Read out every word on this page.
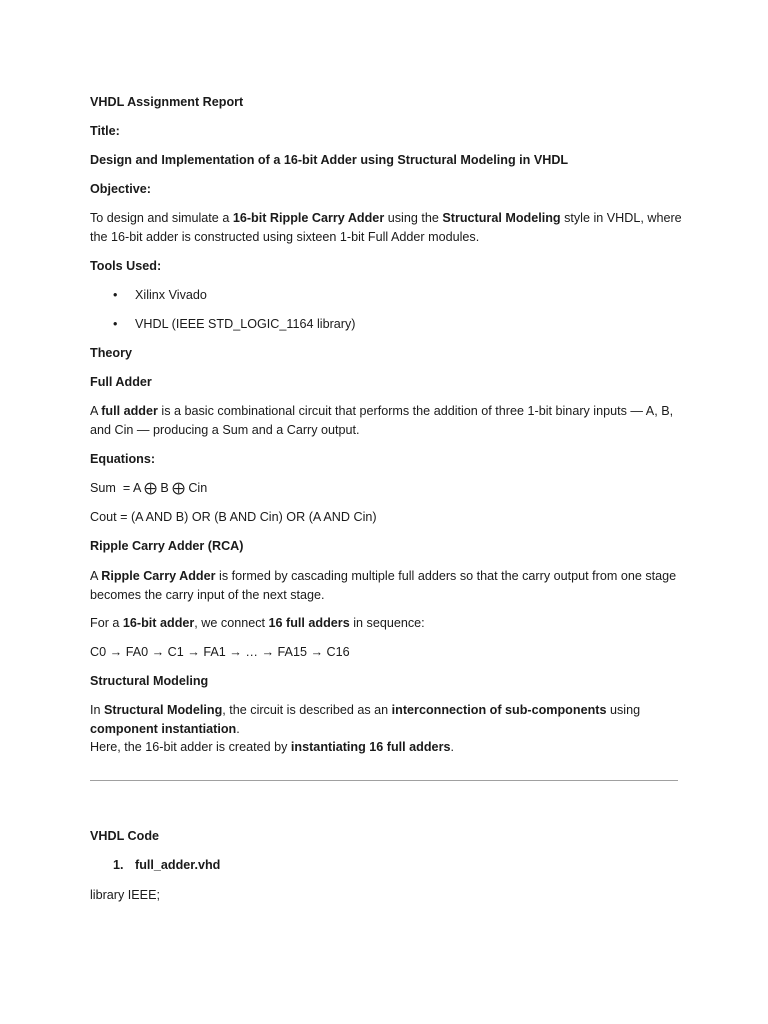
VHDL Assignment Report

Title:

Design and Implementation of a 16-bit Adder using Structural Modeling in VHDL

Objective:

To design and simulate a 16-bit Ripple Carry Adder using the Structural Modeling style in VHDL, where the 16-bit adder is constructed using sixteen 1-bit Full Adder modules.

Tools Used:

• Xilinx Vivado
• VHDL (IEEE STD_LOGIC_1164 library)

Theory

Full Adder

A full adder is a basic combinational circuit that performs the addition of three 1-bit binary inputs — A, B, and Cin — producing a Sum and a Carry output.

Equations:

Sum  = A ⨁ B ⨁ Cin

Cout = (A AND B) OR (B AND Cin) OR (A AND Cin)

Ripple Carry Adder (RCA)

A Ripple Carry Adder is formed by cascading multiple full adders so that the carry output from one stage becomes the carry input of the next stage.

For a 16-bit adder, we connect 16 full adders in sequence:

C0 → FA0 → C1 → FA1 → … → FA15 → C16

Structural Modeling

In Structural Modeling, the circuit is described as an interconnection of sub-components using component instantiation.
Here, the 16-bit adder is created by instantiating 16 full adders.

VHDL Code

1. full_adder.vhd

library IEEE;
